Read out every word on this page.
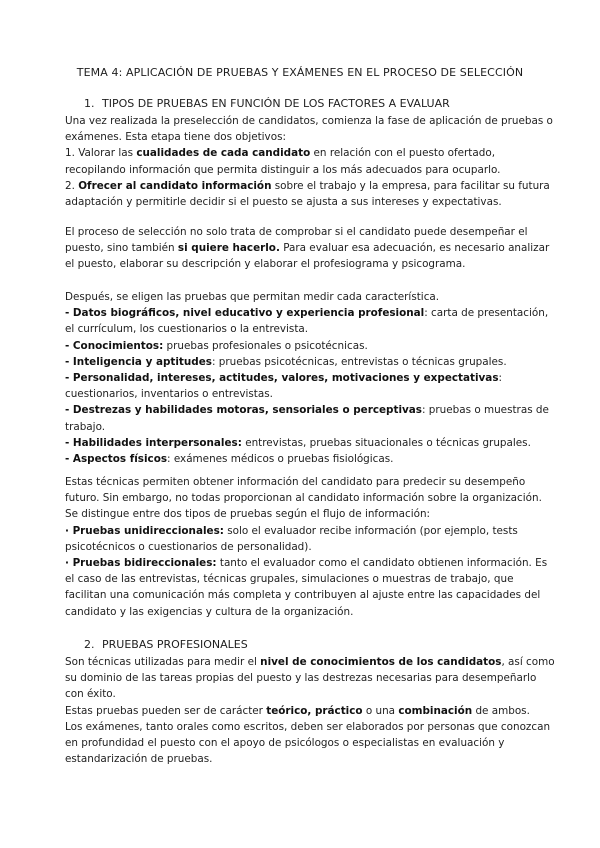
TEMA 4: APLICACIÓN DE PRUEBAS Y EXÁMENES EN EL PROCESO DE SELECCIÓN
1. TIPOS DE PRUEBAS EN FUNCIÓN DE LOS FACTORES A EVALUAR

Una vez realizada la preselección de candidatos, comienza la fase de aplicación de pruebas o exámenes. Esta etapa tiene dos objetivos:

1. Valorar las cualidades de cada candidato en relación con el puesto ofertado, recopilando información que permita distinguir a los más adecuados para ocuparlo.

2. Ofrecer al candidato información sobre el trabajo y la empresa, para facilitar su futura adaptación y permitirle decidir si el puesto se ajusta a sus intereses y expectativas.

El proceso de selección no solo trata de comprobar si el candidato puede desempeñar el puesto, sino también si quiere hacerlo. Para evaluar esa adecuación, es necesario analizar el puesto, elaborar su descripción y elaborar el profesiograma y psicograma.

Después, se eligen las pruebas que permitan medir cada característica.

- Datos biográficos, nivel educativo y experiencia profesional: carta de presentación, el currículum, los cuestionarios o la entrevista.

- Conocimientos: pruebas profesionales o psicotécnicas.

- Inteligencia y aptitudes: pruebas psicotécnicas, entrevistas o técnicas grupales.

- Personalidad, intereses, actitudes, valores, motivaciones y expectativas: cuestionarios, inventarios o entrevistas.

- Destrezas y habilidades motoras, sensoriales o perceptivas: pruebas o muestras de trabajo.

- Habilidades interpersonales: entrevistas, pruebas situacionales o técnicas grupales.

- Aspectos físicos: exámenes médicos o pruebas fisiológicas.

Estas técnicas permiten obtener información del candidato para predecir su desempeño futuro. Sin embargo, no todas proporcionan al candidato información sobre la organización. Se distingue entre dos tipos de pruebas según el flujo de información:

· Pruebas unidireccionales: solo el evaluador recibe información (por ejemplo, tests psicotécnicos o cuestionarios de personalidad).

· Pruebas bidireccionales: tanto el evaluador como el candidato obtienen información. Es el caso de las entrevistas, técnicas grupales, simulaciones o muestras de trabajo, que facilitan una comunicación más completa y contribuyen al ajuste entre las capacidades del candidato y las exigencias y cultura de la organización.

2. PRUEBAS PROFESIONALES

Son técnicas utilizadas para medir el nivel de conocimientos de los candidatos, así como su dominio de las tareas propias del puesto y las destrezas necesarias para desempeñarlo con éxito.

Estas pruebas pueden ser de carácter teórico, práctico o una combinación de ambos.

Los exámenes, tanto orales como escritos, deben ser elaborados por personas que conozcan en profundidad el puesto con el apoyo de psicólogos o especialistas en evaluación y estandarización de pruebas.
